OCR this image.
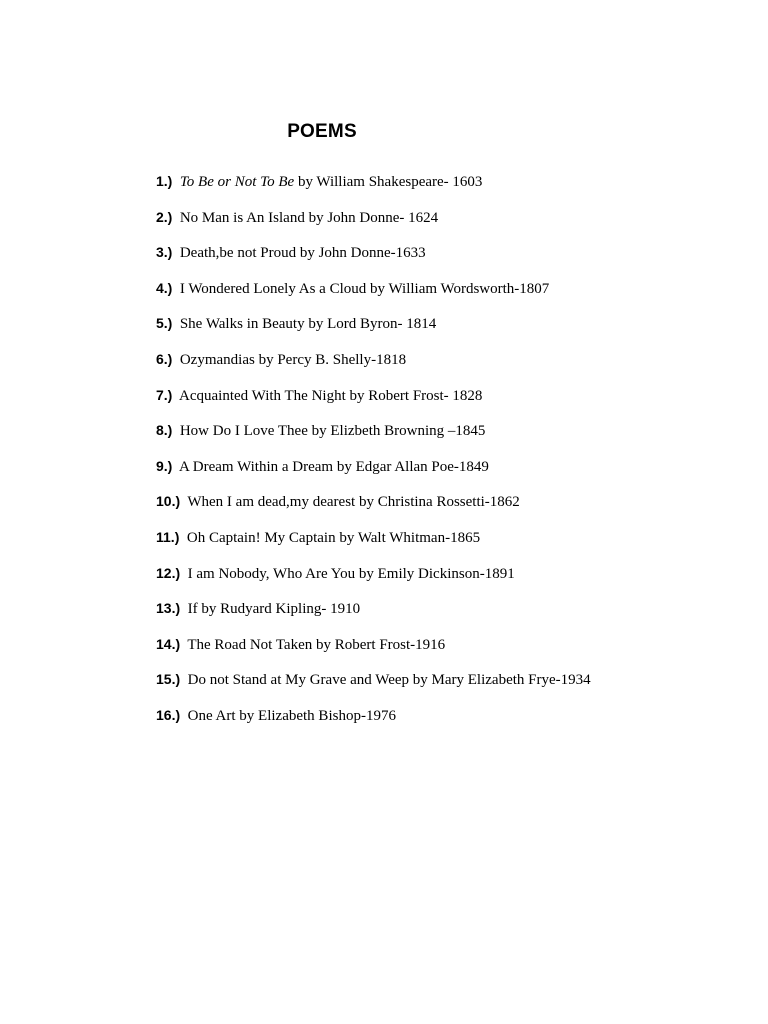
POEMS
1.) To Be or Not To Be by William Shakespeare- 1603
2.) No Man is An Island by John Donne- 1624
3.) Death,be not Proud by John Donne-1633
4.) I Wondered Lonely As a Cloud by William Wordsworth-1807
5.) She Walks in Beauty by Lord Byron- 1814
6.) Ozymandias by Percy B. Shelly-1818
7.) Acquainted With The Night by Robert Frost- 1828
8.) How Do I Love Thee by Elizbeth Browning –1845
9.) A Dream Within a Dream by Edgar Allan Poe-1849
10.) When I am dead,my dearest by Christina Rossetti-1862
11.) Oh Captain! My Captain by Walt Whitman-1865
12.) I am Nobody, Who Are You by Emily Dickinson-1891
13.) If by Rudyard Kipling- 1910
14.) The Road Not Taken by Robert Frost-1916
15.) Do not Stand at My Grave and Weep by Mary Elizabeth Frye-1934
16.) One Art by Elizabeth Bishop-1976
